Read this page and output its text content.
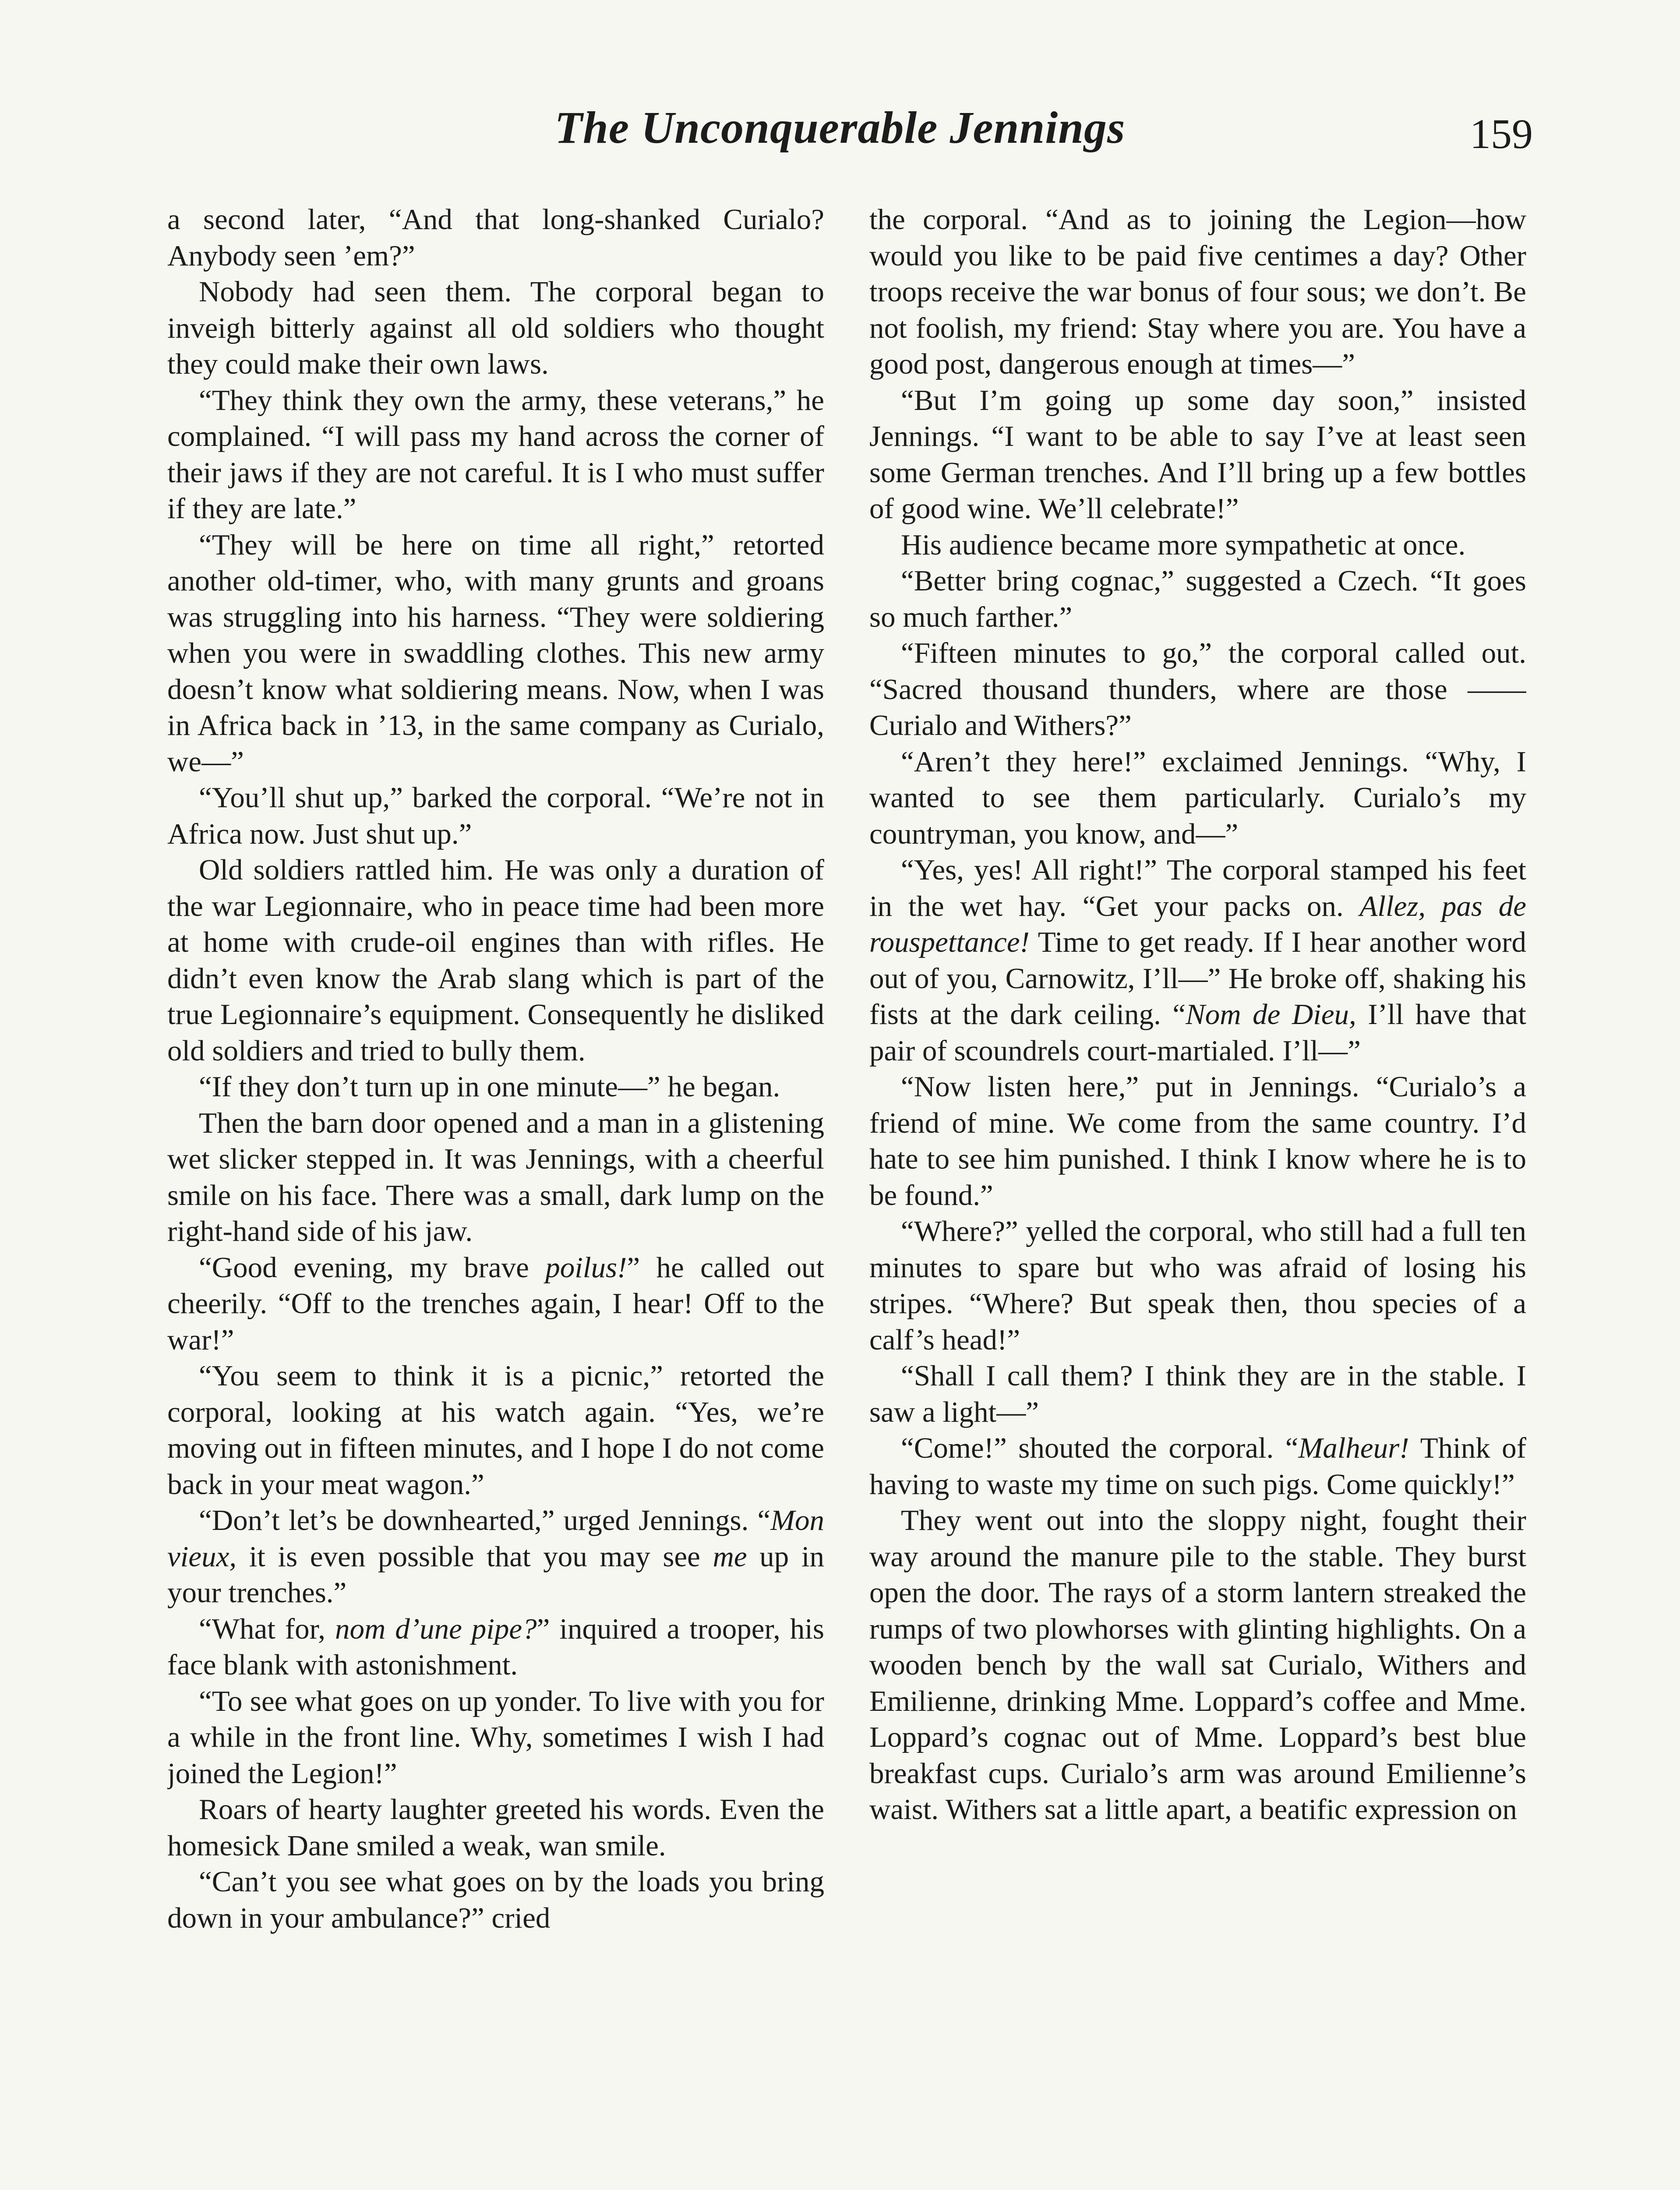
The Unconquerable Jennings	159

a second later, “And that long-shanked Curialo? Anybody seen ’em?”

Nobody had seen them. The corporal began to inveigh bitterly against all old soldiers who thought they could make their own laws.

“They think they own the army, these veterans,” he complained. “I will pass my hand across the corner of their jaws if they are not careful. It is I who must suffer if they are late.”

“They will be here on time all right,” retorted another old-timer, who, with many grunts and groans was struggling into his harness. “They were soldiering when you were in swaddling clothes. This new army doesn’t know what soldiering means. Now, when I was in Africa back in ’13, in the same company as Curialo, we—”

“You’ll shut up,” barked the corporal. “We’re not in Africa now. Just shut up.”

Old soldiers rattled him. He was only a duration of the war Legionnaire, who in peace time had been more at home with crude-oil engines than with rifles. He didn’t even know the Arab slang which is part of the true Legionnaire’s equipment. Consequently he disliked old soldiers and tried to bully them.

“If they don’t turn up in one minute—” he began.

Then the barn door opened and a man in a glistening wet slicker stepped in. It was Jennings, with a cheerful smile on his face. There was a small, dark lump on the right-hand side of his jaw.

“Good evening, my brave poilus!” he called out cheerily. “Off to the trenches again, I hear! Off to the war!”

“You seem to think it is a picnic,” retorted the corporal, looking at his watch again. “Yes, we’re moving out in fifteen minutes, and I hope I do not come back in your meat wagon.”

“Don’t let’s be downhearted,” urged Jennings. “Mon vieux, it is even possible that you may see me up in your trenches.”

“What for, nom d’une pipe?” inquired a trooper, his face blank with astonishment.

“To see what goes on up yonder. To live with you for a while in the front line. Why, sometimes I wish I had joined the Legion!”

Roars of hearty laughter greeted his words. Even the homesick Dane smiled a weak, wan smile.

“Can’t you see what goes on by the loads you bring down in your ambulance?” cried

the corporal. “And as to joining the Legion—how would you like to be paid five centimes a day? Other troops receive the war bonus of four sous; we don’t. Be not foolish, my friend: Stay where you are. You have a good post, dangerous enough at times—”

“But I’m going up some day soon,” insisted Jennings. “I want to be able to say I’ve at least seen some German trenches. And I’ll bring up a few bottles of good wine. We’ll celebrate!”

His audience became more sympathetic at once.

“Better bring cognac,” suggested a Czech. “It goes so much farther.”

“Fifteen minutes to go,” the corporal called out. “Sacred thousand thunders, where are those —— Curialo and Withers?”

“Aren’t they here!” exclaimed Jennings. “Why, I wanted to see them particularly. Curialo’s my countryman, you know, and—”

“Yes, yes! All right!” The corporal stamped his feet in the wet hay. “Get your packs on. Allez, pas de rouspettance! Time to get ready. If I hear another word out of you, Carnowitz, I’ll—” He broke off, shaking his fists at the dark ceiling. “Nom de Dieu, I’ll have that pair of scoundrels court-martialed. I’ll—”

“Now listen here,” put in Jennings. “Curialo’s a friend of mine. We come from the same country. I’d hate to see him punished. I think I know where he is to be found.”

“Where?” yelled the corporal, who still had a full ten minutes to spare but who was afraid of losing his stripes. “Where? But speak then, thou species of a calf’s head!”

“Shall I call them? I think they are in the stable. I saw a light—”

“Come!” shouted the corporal. “Malheur! Think of having to waste my time on such pigs. Come quickly!”

They went out into the sloppy night, fought their way around the manure pile to the stable. They burst open the door. The rays of a storm lantern streaked the rumps of two plowhorses with glinting highlights. On a wooden bench by the wall sat Curialo, Withers and Emilienne, drinking Mme. Loppard’s coffee and Mme. Loppard’s cognac out of Mme. Loppard’s best blue breakfast cups. Curialo’s arm was around Emilienne’s waist. Withers sat a little apart, a beatific expression on
